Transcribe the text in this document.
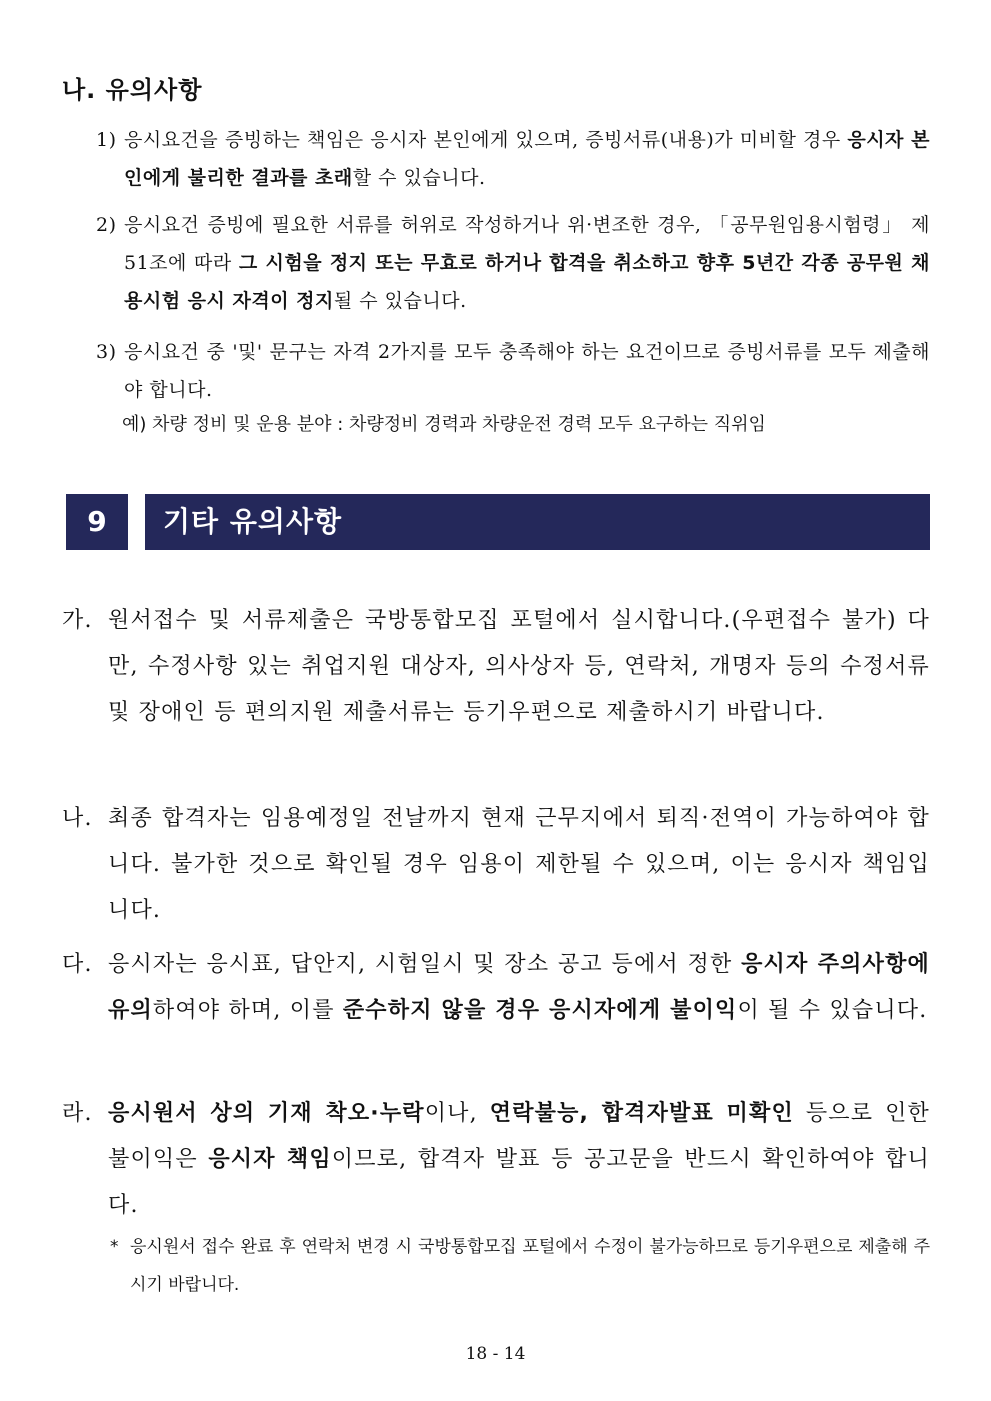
나. 유의사항
1) 응시요건을 증빙하는 책임은 응시자 본인에게 있으며, 증빙서류(내용)가 미비할 경우 응시자 본인에게 불리한 결과를 초래할 수 있습니다.
2) 응시요건 증빙에 필요한 서류를 허위로 작성하거나 위·변조한 경우, 「공무원임용시험령」 제51조에 따라 그 시험을 정지 또는 무효로 하거나 합격을 취소하고 향후 5년간 각종 공무원 채용시험 응시 자격이 정지될 수 있습니다.
3) 응시요건 중 '및' 문구는 자격 2가지를 모두 충족해야 하는 요건이므로 증빙서류를 모두 제출해야 합니다.
예) 차량 정비 및 운용 분야 : 차량정비 경력과 차량운전 경력 모두 요구하는 직위임
9	기타 유의사항
가. 원서접수 및 서류제출은 국방통합모집 포털에서 실시합니다.(우편접수 불가) 다만, 수정사항 있는 취업지원 대상자, 의사상자 등, 연락처, 개명자 등의 수정서류 및 장애인 등 편의지원 제출서류는 등기우편으로 제출하시기 바랍니다.
나. 최종 합격자는 임용예정일 전날까지 현재 근무지에서 퇴직·전역이 가능하여야 합니다. 불가한 것으로 확인될 경우 임용이 제한될 수 있으며, 이는 응시자 책임입니다.
다. 응시자는 응시표, 답안지, 시험일시 및 장소 공고 등에서 정한 응시자 주의사항에 유의하여야 하며, 이를 준수하지 않을 경우 응시자에게 불이익이 될 수 있습니다.
라. 응시원서 상의 기재 착오·누락이나, 연락불능, 합격자발표 미확인 등으로 인한 불이익은 응시자 책임이므로, 합격자 발표 등 공고문을 반드시 확인하여야 합니다.
* 응시원서 접수 완료 후 연락처 변경 시 국방통합모집 포털에서 수정이 불가능하므로 등기우편으로 제출해 주시기 바랍니다.
18 - 14
